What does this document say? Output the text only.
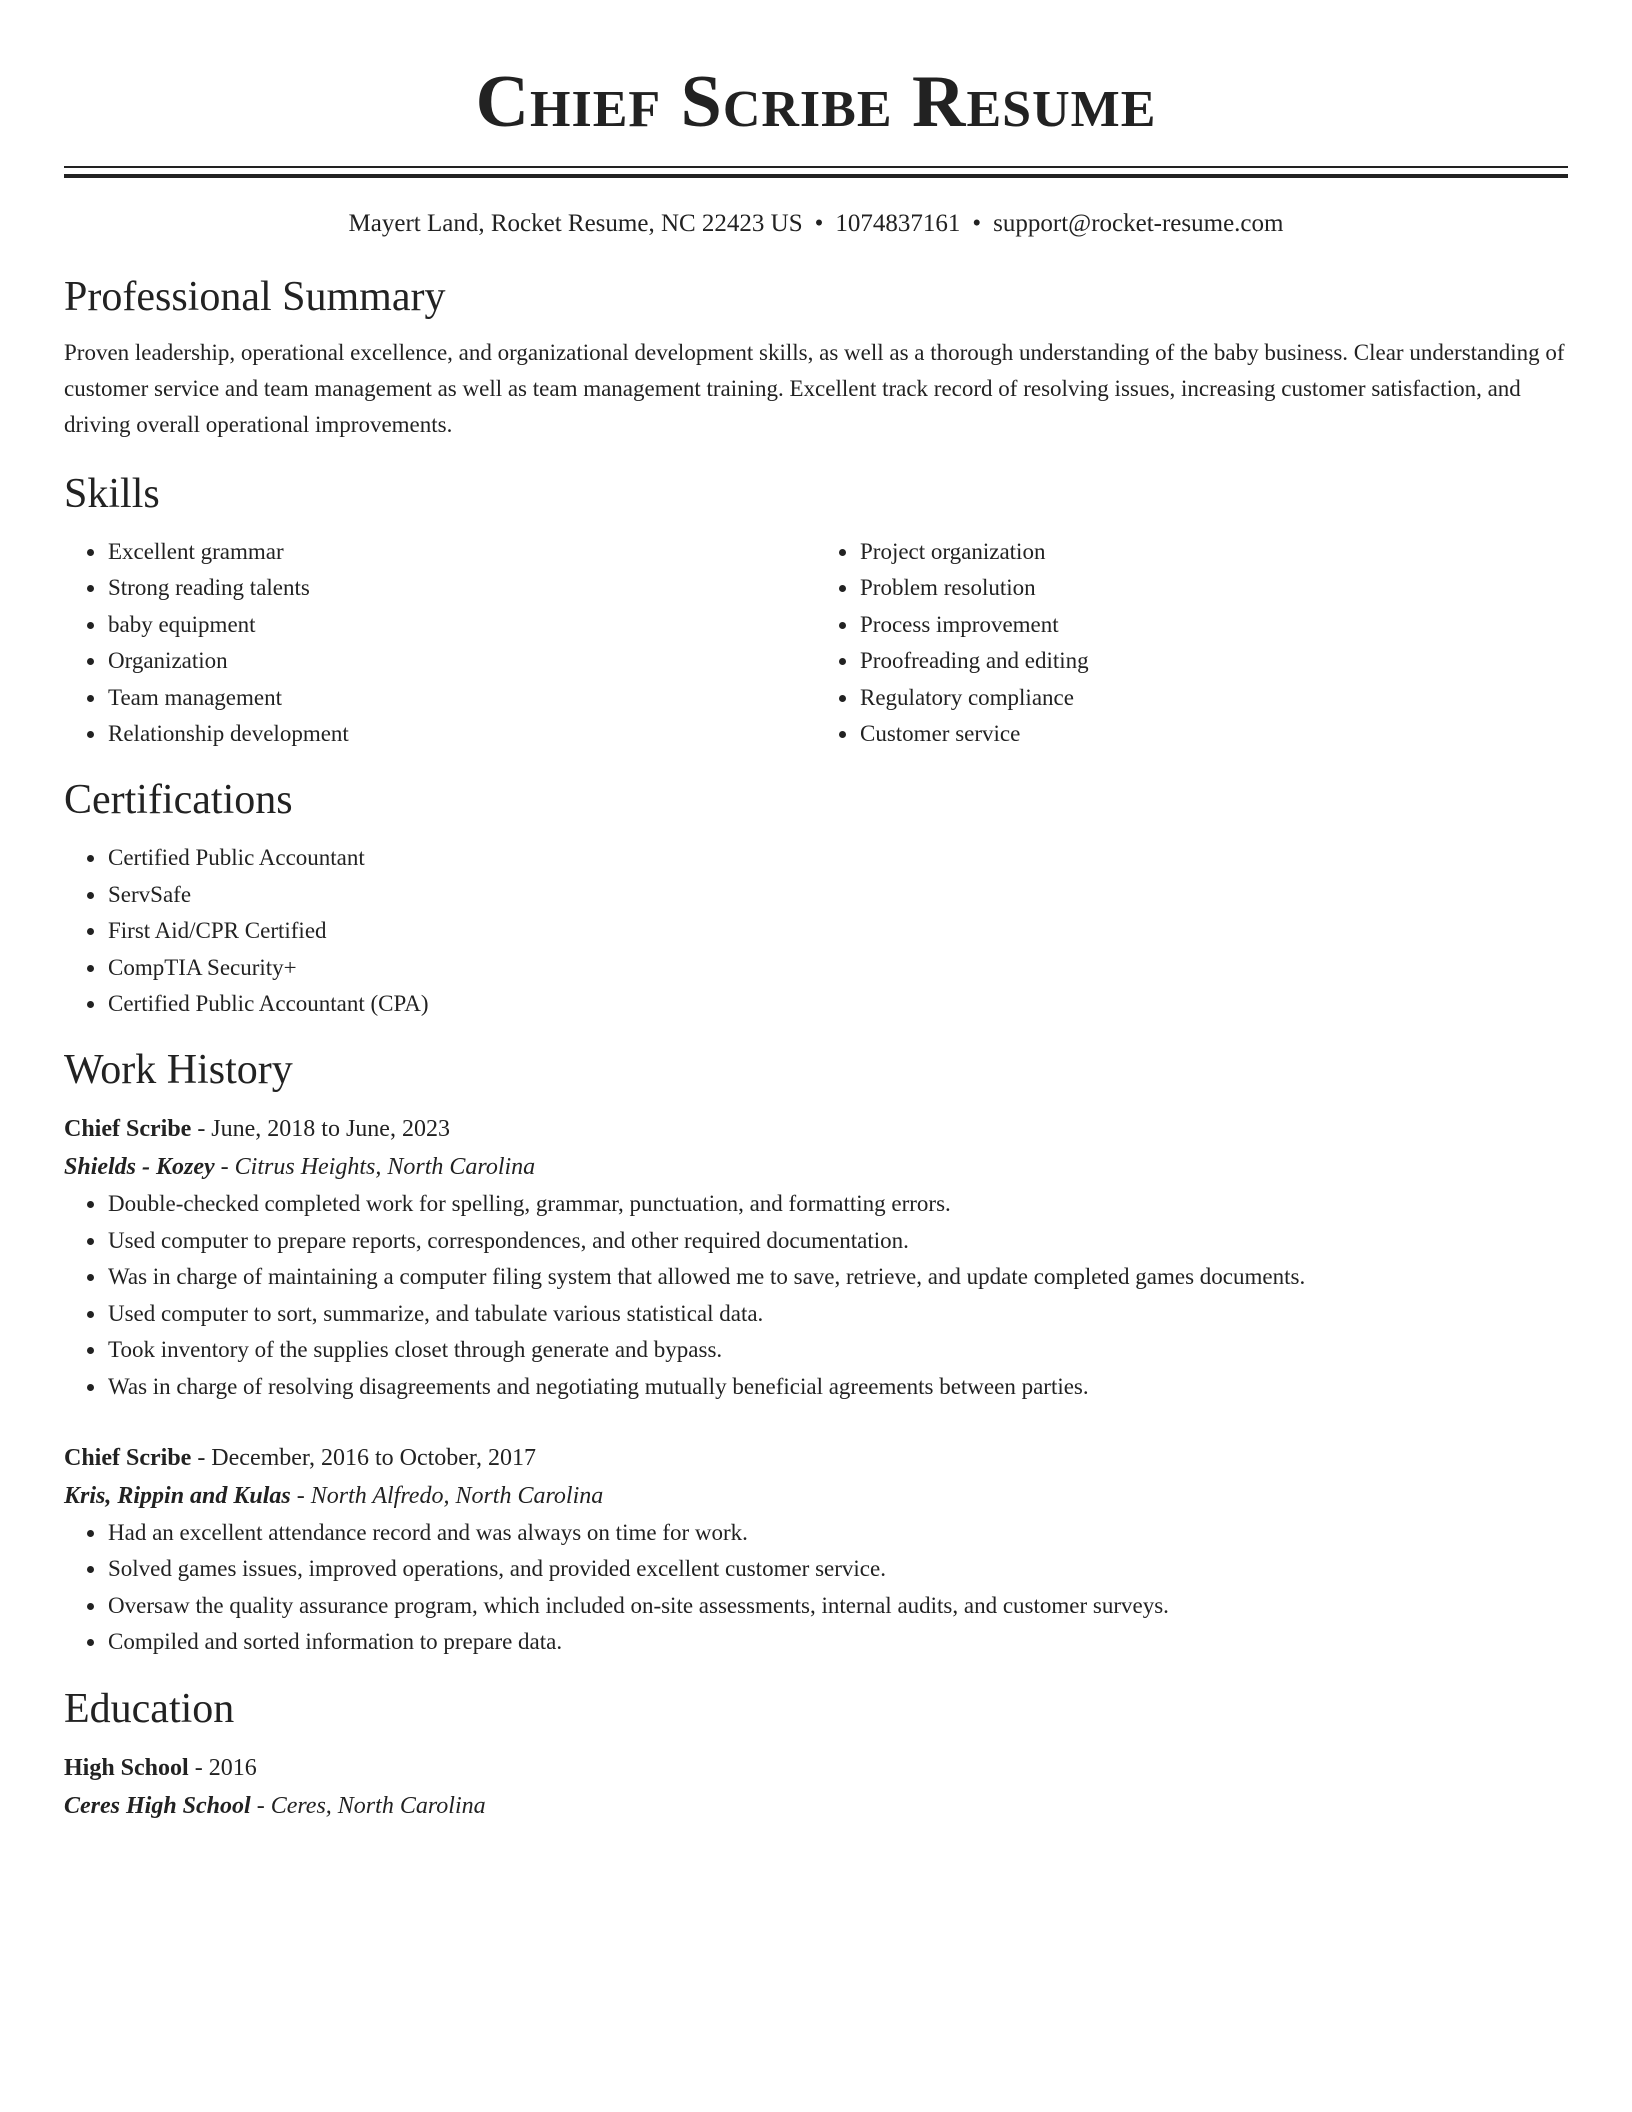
Chief Scribe Resume
Mayert Land, Rocket Resume, NC 22423 US • 1074837161 • support@rocket-resume.com
Professional Summary

Proven leadership, operational excellence, and organizational development skills, as well as a thorough understanding of the baby business. Clear understanding of customer service and team management as well as team management training. Excellent track record of resolving issues, increasing customer satisfaction, and driving overall operational improvements.

Skills
• Excellent grammar
• Strong reading talents
• baby equipment
• Organization
• Team management
• Relationship development
• Project organization
• Problem resolution
• Process improvement
• Proofreading and editing
• Regulatory compliance
• Customer service
Certifications
• Certified Public Accountant
• ServSafe
• First Aid/CPR Certified
• CompTIA Security+
• Certified Public Accountant (CPA)
Work History
Chief Scribe - June, 2018 to June, 2023
Shields - Kozey - Citrus Heights, North Carolina
• Double-checked completed work for spelling, grammar, punctuation, and formatting errors.
• Used computer to prepare reports, correspondences, and other required documentation.
• Was in charge of maintaining a computer filing system that allowed me to save, retrieve, and update completed games documents.
• Used computer to sort, summarize, and tabulate various statistical data.
• Took inventory of the supplies closet through generate and bypass.
• Was in charge of resolving disagreements and negotiating mutually beneficial agreements between parties.
Chief Scribe - December, 2016 to October, 2017
Kris, Rippin and Kulas - North Alfredo, North Carolina
• Had an excellent attendance record and was always on time for work.
• Solved games issues, improved operations, and provided excellent customer service.
• Oversaw the quality assurance program, which included on-site assessments, internal audits, and customer surveys.
• Compiled and sorted information to prepare data.
Education
High School - 2016
Ceres High School - Ceres, North Carolina
